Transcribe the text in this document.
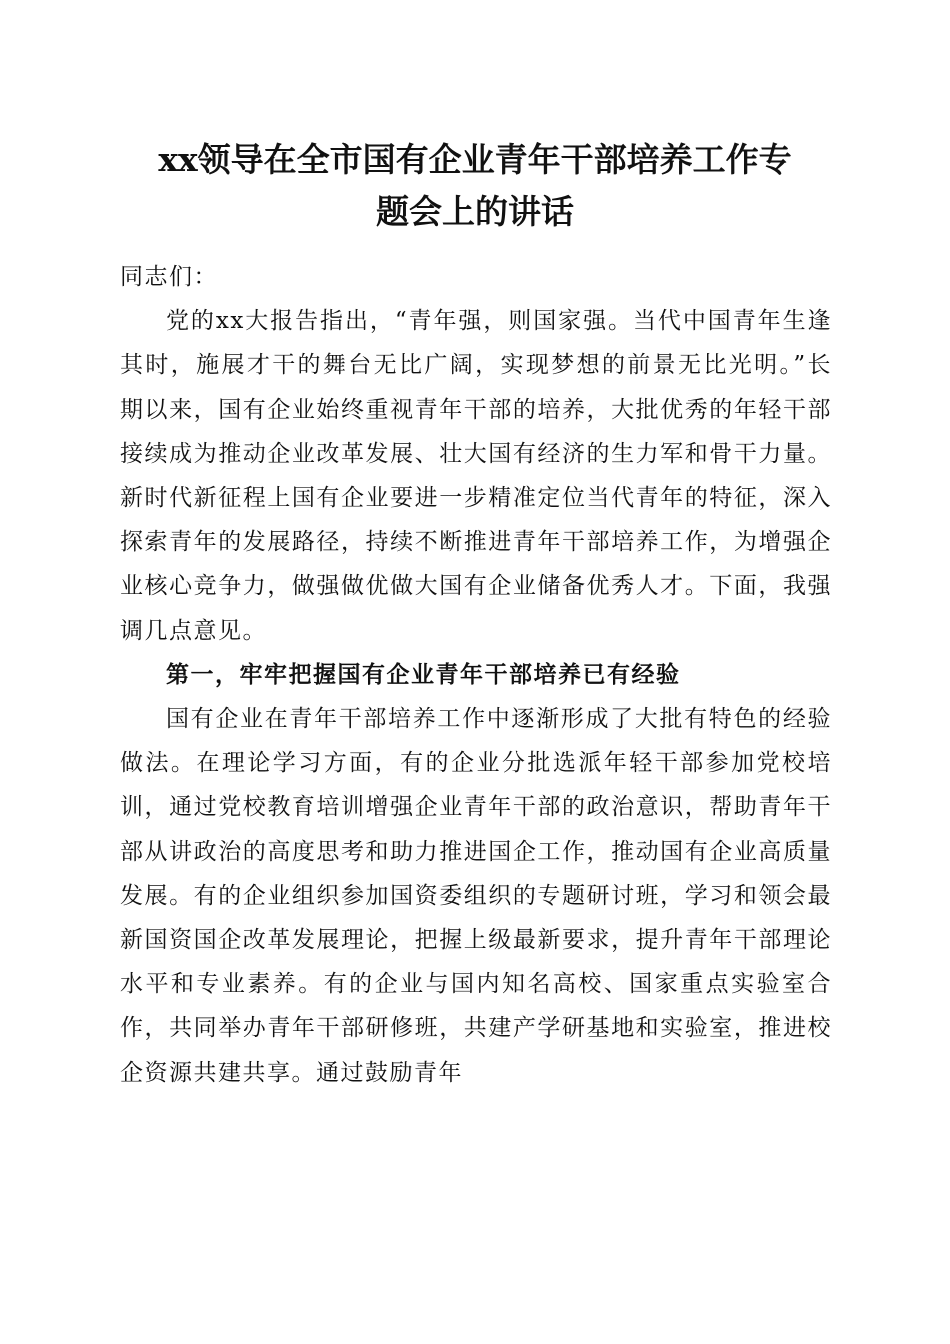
xx领导在全市国有企业青年干部培养工作专
题会上的讲话

同志们：

党的xx大报告指出，“青年强，则国家强。当代中国青年生逢其时，施展才干的舞台无比广阔，实现梦想的前景无比光明。”长期以来，国有企业始终重视青年干部的培养，大批优秀的年轻干部接续成为推动企业改革发展、壮大国有经济的生力军和骨干力量。新时代新征程上国有企业要进一步精准定位当代青年的特征，深入探索青年的发展路径，持续不断推进青年干部培养工作，为增强企业核心竞争力，做强做优做大国有企业储备优秀人才。下面，我强调几点意见。

第一，牢牢把握国有企业青年干部培养已有经验

国有企业在青年干部培养工作中逐渐形成了大批有特色的经验做法。在理论学习方面，有的企业分批选派年轻干部参加党校培训，通过党校教育培训增强企业青年干部的政治意识，帮助青年干部从讲政治的高度思考和助力推进国企工作，推动国有企业高质量发展。有的企业组织参加国资委组织的专题研讨班，学习和领会最新国资国企改革发展理论，把握上级最新要求，提升青年干部理论水平和专业素养。有的企业与国内知名高校、国家重点实验室合作，共同举办青年干部研修班，共建产学研基地和实验室，推进校企资源共建共享。通过鼓励青年
